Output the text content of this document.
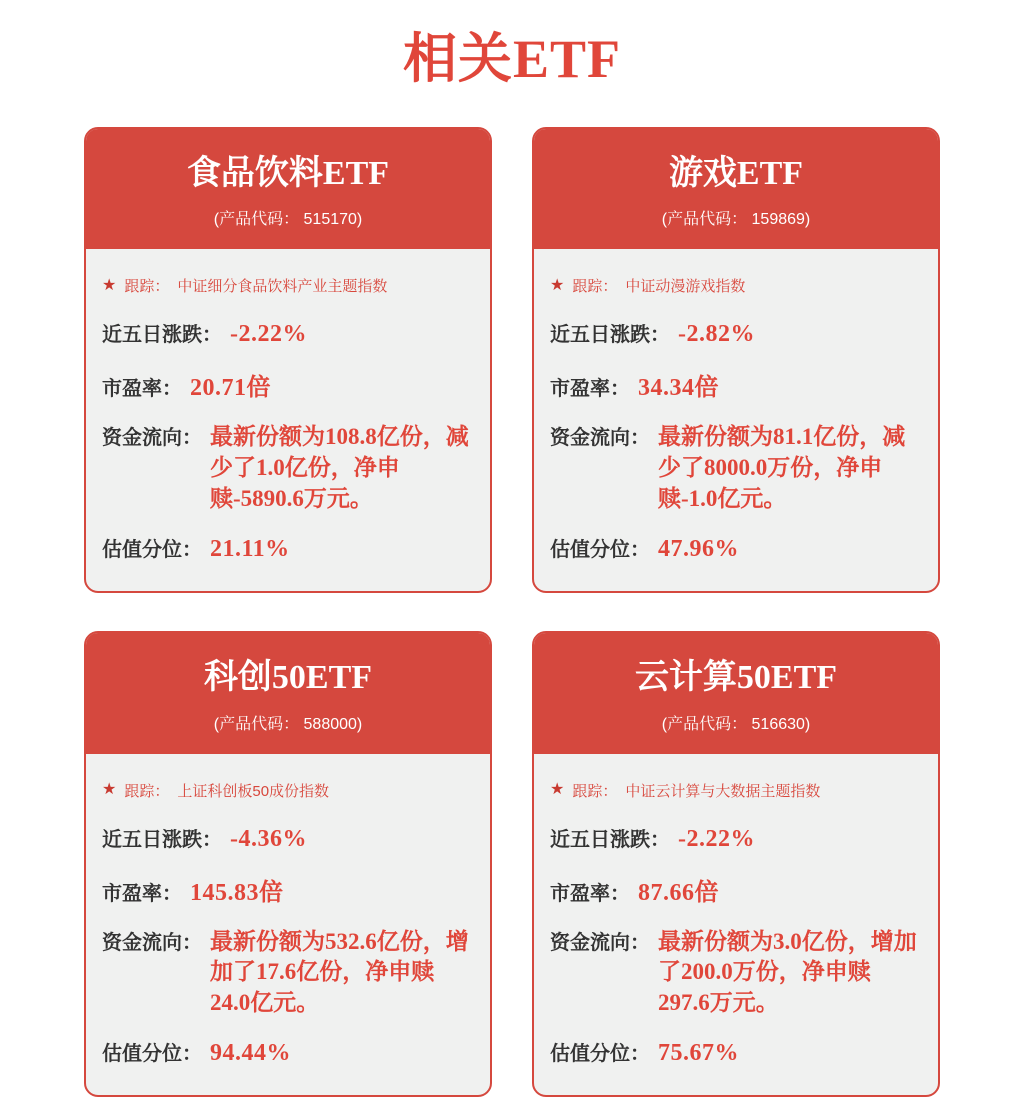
相关ETF
食品饮料ETF
(产品代码： 515170)
★ 跟踪： 中证细分食品饮料产业主题指数
近五日涨跌： -2.22%
市盈率： 20.71倍
资金流向： 最新份额为108.8亿份，减少了1.0亿份，净申赎-5890.6万元。
估值分位： 21.11%
游戏ETF
(产品代码： 159869)
★ 跟踪： 中证动漫游戏指数
近五日涨跌： -2.82%
市盈率： 34.34倍
资金流向： 最新份额为81.1亿份，减少了8000.0万份，净申赎-1.0亿元。
估值分位： 47.96%
科创50ETF
(产品代码： 588000)
★ 跟踪： 上证科创板50成份指数
近五日涨跌： -4.36%
市盈率： 145.83倍
资金流向： 最新份额为532.6亿份，增加了17.6亿份，净申赎24.0亿元。
估值分位： 94.44%
云计算50ETF
(产品代码： 516630)
★ 跟踪： 中证云计算与大数据主题指数
近五日涨跌： -2.22%
市盈率： 87.66倍
资金流向： 最新份额为3.0亿份，增加了200.0万份，净申赎297.6万元。
估值分位： 75.67%
